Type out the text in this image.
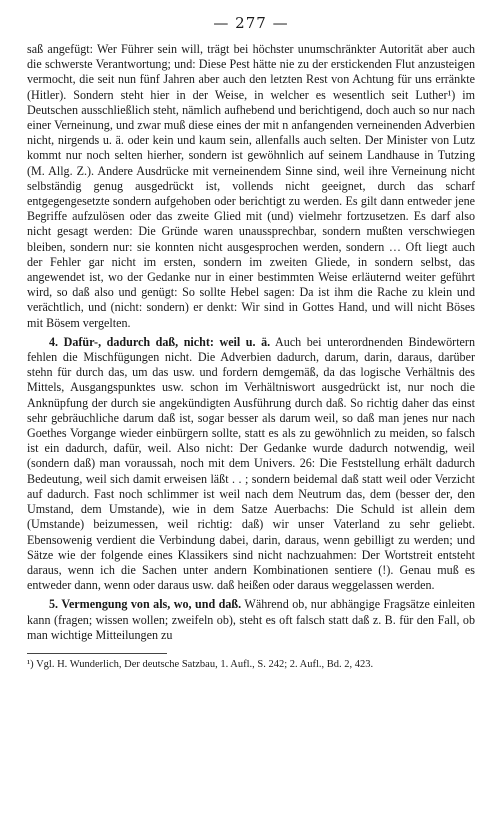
— 277 —

saß angefügt: Wer Führer sein will, trägt bei höchster unumschränkter Autorität aber auch die schwerste Verantwortung; und: Diese Pest hätte nie zu der erstickenden Flut anzusteigen vermocht, die seit nun fünf Jahren aber auch den letzten Rest von Achtung für uns erränkte (Hitler). Sondern steht hier in der Weise, in welcher es wesentlich seit Luther¹) im Deutschen ausschließlich steht, nämlich aufhebend und berichtigend, doch auch so nur nach einer Verneinung, und zwar muß diese eines der mit n anfangenden verneinenden Adverbien nicht, nirgends u. ä. oder kein und kaum sein, allenfalls auch selten. Der Minister von Lutz kommt nur noch selten hierher, sondern ist gewöhnlich auf seinem Landhause in Tutzing (M. Allg. Z.). Andere Ausdrücke mit verneinendem Sinne sind, weil ihre Verneinung nicht selbständig genug ausgedrückt ist, vollends nicht geeignet, durch das scharf entgegengesetzte sondern aufgehoben oder berichtigt zu werden. Es gilt dann entweder jene Begriffe aufzulösen oder das zweite Glied mit (und) vielmehr fortzusetzen. Es darf also nicht gesagt werden: Die Gründe waren unaussprechbar, sondern mußten verschwiegen bleiben, sondern nur: sie konnten nicht ausgesprochen werden, sondern … Oft liegt auch der Fehler gar nicht im ersten, sondern im zweiten Gliede, in sondern selbst, das angewendet ist, wo der Gedanke nur in einer bestimmten Weise erläuternd weiter geführt wird, so daß also und genügt: So sollte Hebel sagen: Da ist ihm die Rache zu klein und verächtlich, und (nicht: sondern) er denkt: Wir sind in Gottes Hand, und will nicht Böses mit Bösem vergelten.

4. Dafür-, dadurch daß, nicht: weil u. ä. Auch bei unterordnenden Bindewörtern fehlen die Mischfügungen nicht. Die Adverbien dadurch, darum, darin, daraus, darüber stehn für durch das, um das usw. und fordern demgemäß, da das logische Verhältnis des Mittels, Ausgangspunktes usw. schon im Verhältniswort ausgedrückt ist, nur noch die Anknüpfung der durch sie angekündigten Ausführung durch daß. So richtig daher das einst sehr gebräuchliche darum daß ist, sogar besser als darum weil, so daß man jenes nur nach Goethes Vorgange wieder einbürgern sollte, statt es als zu gewöhnlich zu meiden, so falsch ist ein dadurch, dafür, weil. Also nicht: Der Gedanke wurde dadurch notwendig, weil (sondern daß) man voraussah, noch mit dem Univers. 26: Die Feststellung erhält dadurch Bedeutung, weil sich damit erweisen läßt . . ; sondern beidemal daß statt weil oder Verzicht auf dadurch. Fast noch schlimmer ist weil nach dem Neutrum das, dem (besser der, den Umstand, dem Umstande), wie in dem Satze Auerbachs: Die Schuld ist allein dem (Umstande) beizumessen, weil richtig: daß) wir unser Vaterland zu sehr geliebt. Ebensowenig verdient die Verbindung dabei, darin, daraus, wenn gebilligt zu werden; und Sätze wie der folgende eines Klassikers sind nicht nachzuahmen: Der Wortstreit entsteht daraus, wenn ich die Sachen unter andern Kombinationen sentiere (!). Genau muß es entweder dann, wenn oder daraus usw. daß heißen oder daraus weggelassen werden.

5. Vermengung von als, wo, und daß. Während ob, nur abhängige Fragsätze einleiten kann (fragen; wissen wollen; zweifeln ob), steht es oft falsch statt daß z. B. für den Fall, ob man wichtige Mitteilungen zu

¹) Vgl. H. Wunderlich, Der deutsche Satzbau, 1. Aufl., S. 242; 2. Aufl., Bd. 2, 423.
